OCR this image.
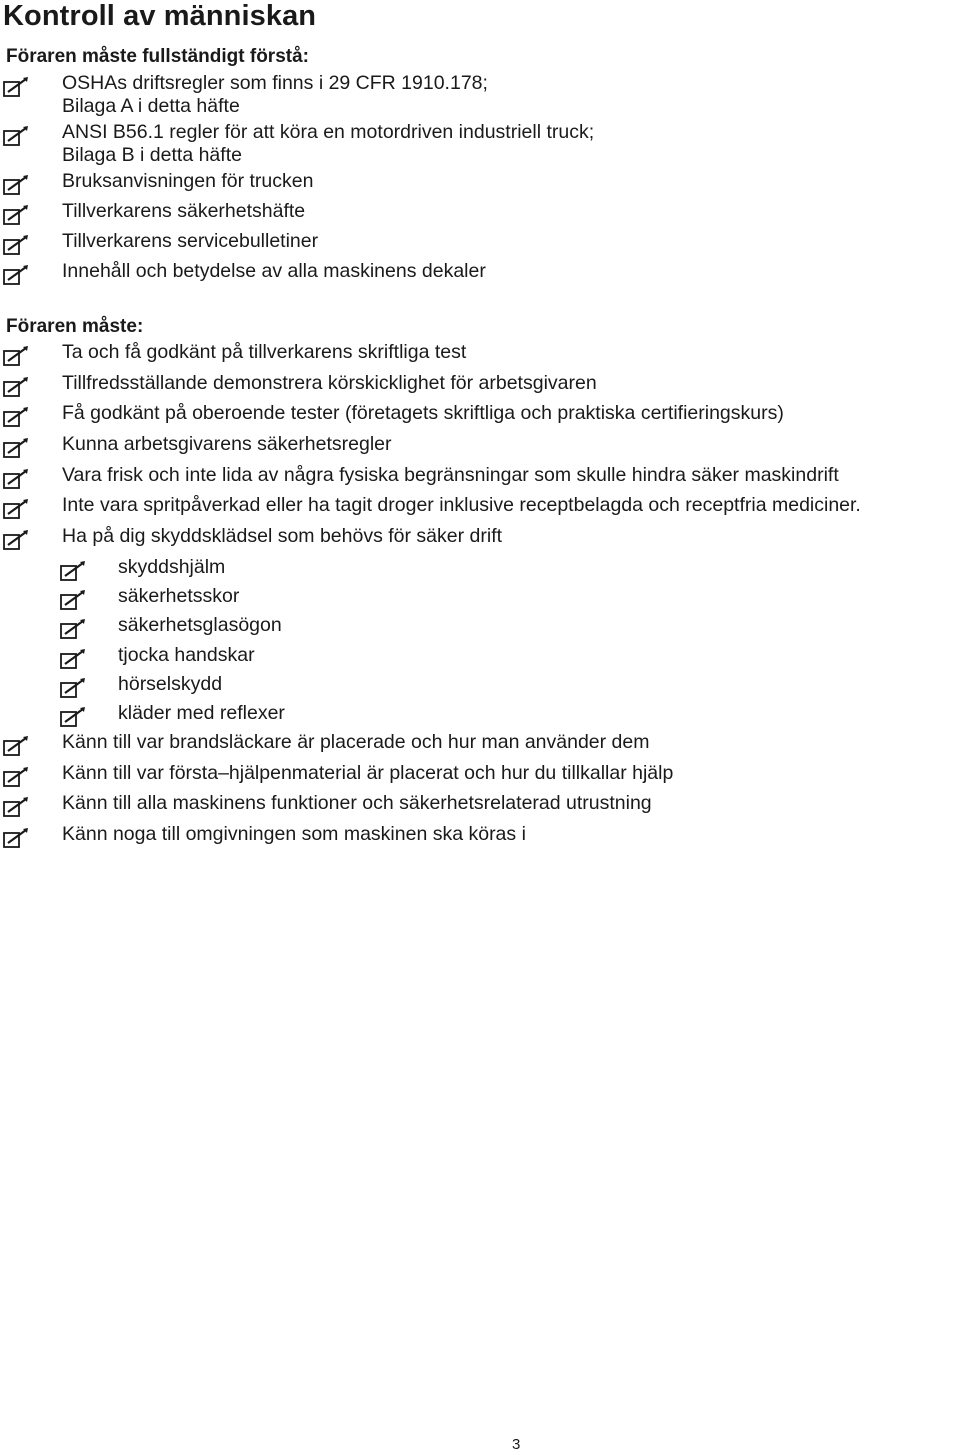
Kontroll av människan
Föraren måste fullständigt förstå:
OSHAs driftsregler som finns i 29 CFR 1910.178;
Bilaga A i detta häfte
ANSI B56.1 regler för att köra en motordriven industriell truck;
Bilaga B i detta häfte
Bruksanvisningen för trucken
Tillverkarens säkerhetshäfte
Tillverkarens servicebulletiner
Innehåll och betydelse av alla maskinens dekaler
Föraren måste:
Ta och få godkänt på tillverkarens skriftliga test
Tillfredsställande demonstrera körskicklighet för arbetsgivaren
Få godkänt på oberoende tester (företagets skriftliga och praktiska certifieringskurs)
Kunna arbetsgivarens säkerhetsregler
Vara frisk och inte lida av några fysiska begränsningar som skulle hindra säker maskindrift
Inte vara spritpåverkad eller ha tagit droger inklusive receptbelagda och receptfria mediciner.
Ha på dig skyddsklädsel som behövs för säker drift
skyddshjälm
säkerhetsskor
säkerhetsglasögon
tjocka handskar
hörselskydd
kläder med reflexer
Känn till var brandsläckare är placerade och hur man använder dem
Känn till var första–hjälpenmaterial är placerat och hur du tillkallar hjälp
Känn till alla maskinens funktioner och säkerhetsrelaterad utrustning
Känn noga till omgivningen som maskinen ska köras i
3
